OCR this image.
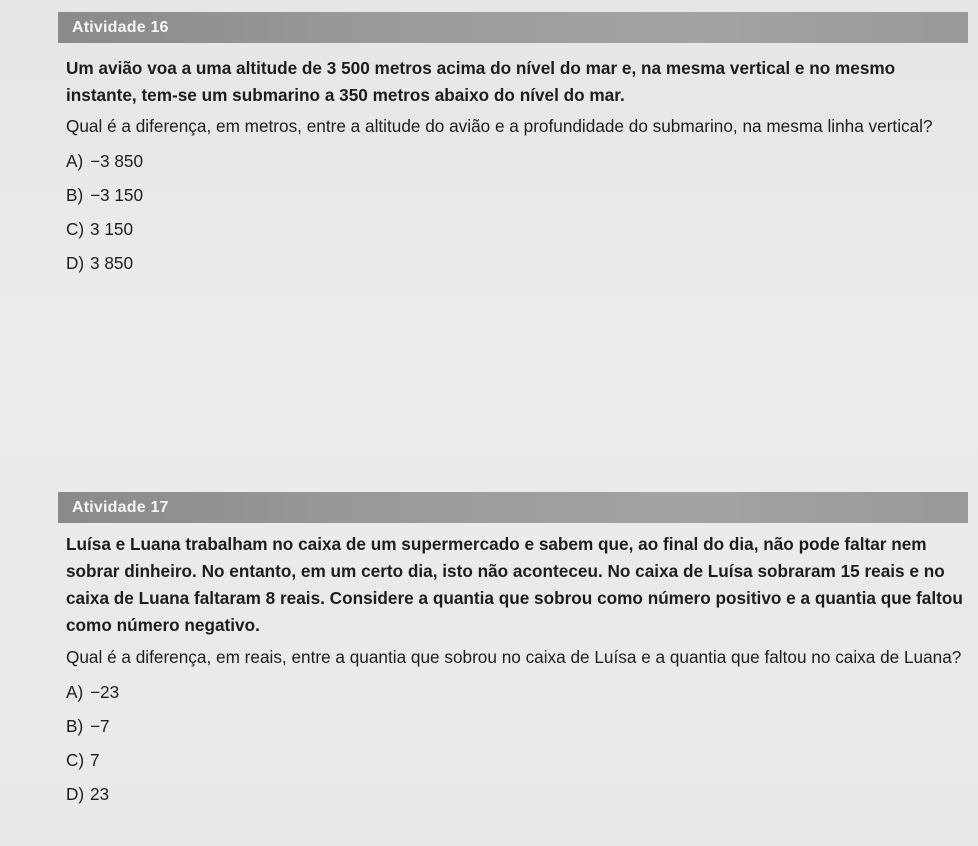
Atividade 16

Um avião voa a uma altitude de 3 500 metros acima do nível do mar e, na mesma vertical e no mesmo instante, tem-se um submarino a 350 metros abaixo do nível do mar.

Qual é a diferença, em metros, entre a altitude do avião e a profundidade do submarino, na mesma linha vertical?

A) −3 850
B) −3 150
C) 3 150
D) 3 850
Atividade 17

Luísa e Luana trabalham no caixa de um supermercado e sabem que, ao final do dia, não pode faltar nem sobrar dinheiro. No entanto, em um certo dia, isto não aconteceu. No caixa de Luísa sobraram 15 reais e no caixa de Luana faltaram 8 reais. Considere a quantia que sobrou como número positivo e a quantia que faltou como número negativo.

Qual é a diferença, em reais, entre a quantia que sobrou no caixa de Luísa e a quantia que faltou no caixa de Luana?

A) −23
B) −7
C) 7
D) 23
